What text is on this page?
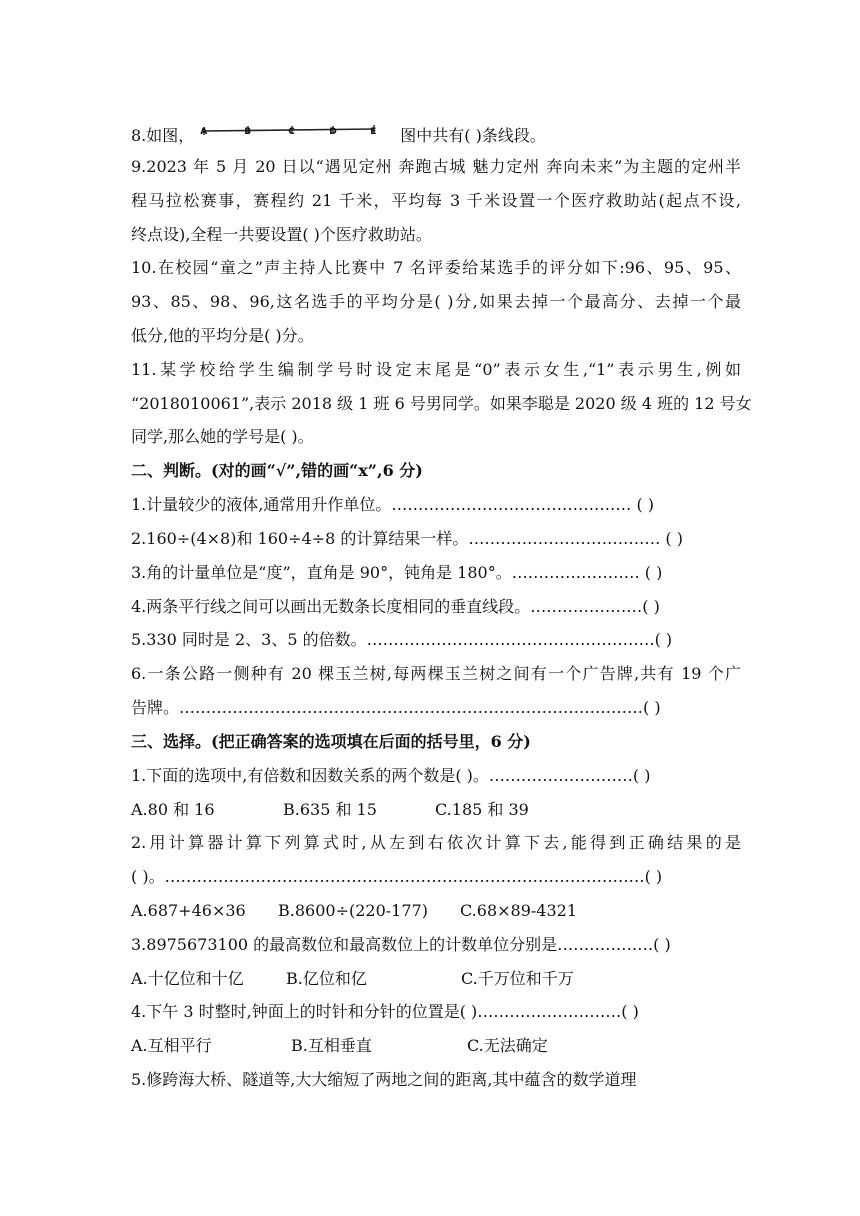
8.如图， A	B	C	D	E 图中共有( )条线段。
9.2023 年 5 月 20 日以“遇见定州 奔跑古城 魅力定州 奔向未来”为主题的定州半
程马拉松赛事，赛程约 21 千米，平均每 3 千米设置一个医疗救助站(起点不设,
终点设),全程一共要设置( )个医疗救助站。
10.在校园“童之”声主持人比赛中 7 名评委给某选手的评分如下:96、95、95、
93、85、98、96,这名选手的平均分是( )分,如果去掉一个最高分、去掉一个最
低分,他的平均分是( )分。
11.某学校给学生编制学号时设定末尾是“0”表示女生,“1”表示男生,例如
“2018010061”,表示 2018 级 1 班 6 号男同学。如果李聪是 2020 级 4 班的 12 号女
同学,那么她的学号是( )。
二、判断。(对的画“√”,错的画“x”,6 分)
1.计量较少的液体,通常用升作单位。……………………………………… ( )
2.160÷(4×8)和 160÷4÷8 的计算结果一样。……………………………… ( )
3.角的计量单位是“度”，直角是 90°，钝角是 180°。…………………… ( )
4.两条平行线之间可以画出无数条长度相同的垂直线段。…………………( )
5.330 同时是 2、3、5 的倍数。………………………………………………( )
6.一条公路一侧种有 20 棵玉兰树,每两棵玉兰树之间有一个广告牌,共有 19 个广
告牌。……………………………………………………………………………( )
三、选择。(把正确答案的选项填在后面的括号里，6 分)
1.下面的选项中,有倍数和因数关系的两个数是( )。………………………( )
A.80 和 16	B.635 和 15	C.185 和 39
2.用计算器计算下列算式时,从左到右依次计算下去,能得到正确结果的是
( )。………………………………………………………………………………( )
A.687+46×36	B.8600÷(220-177)	C.68×89-4321
3.8975673100 的最高数位和最高数位上的计数单位分别是………………( )
A.十亿位和十亿	B.亿位和亿	C.千万位和千万
4.下午 3 时整时,钟面上的时针和分针的位置是( )………………………( )
A.互相平行	B.互相垂直	C.无法确定
5.修跨海大桥、隧道等,大大缩短了两地之间的距离,其中蕴含的数学道理
